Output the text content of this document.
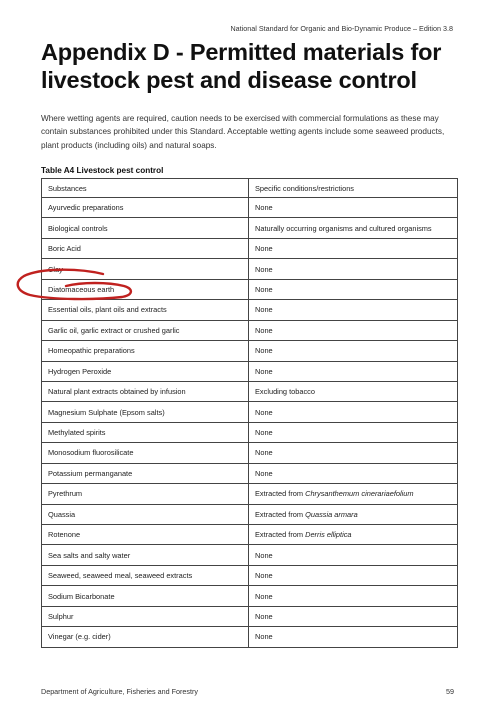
National Standard for Organic and Bio-Dynamic Produce – Edition 3.8
Appendix D - Permitted materials for livestock pest and disease control
Where wetting agents are required, caution needs to be exercised with commercial formulations as these may contain substances prohibited under this Standard. Acceptable wetting agents include some seaweed products, plant products (including oils) and natural soaps.
Table A4 Livestock pest control
Substances	Specific conditions/restrictions
Ayurvedic preparations	None
Biological controls	Naturally occurring organisms and cultured organisms
Boric Acid	None
Clay	None
Diatomaceous earth	None
Essential oils, plant oils and extracts	None
Garlic oil, garlic extract or crushed garlic	None
Homeopathic preparations	None
Hydrogen Peroxide	None
Natural plant extracts obtained by infusion	Excluding tobacco
Magnesium Sulphate (Epsom salts)	None
Methylated spirits	None
Monosodium fluorosilicate	None
Potassium permanganate	None
Pyrethrum	Extracted from Chrysanthemum cinerariaefolium
Quassia	Extracted from Quassia armara
Rotenone	Extracted from Derris elliptica
Sea salts and salty water	None
Seaweed, seaweed meal, seaweed extracts	None
Sodium Bicarbonate	None
Sulphur	None
Vinegar (e.g. cider)	None
Department of Agriculture, Fisheries and Forestry	59
